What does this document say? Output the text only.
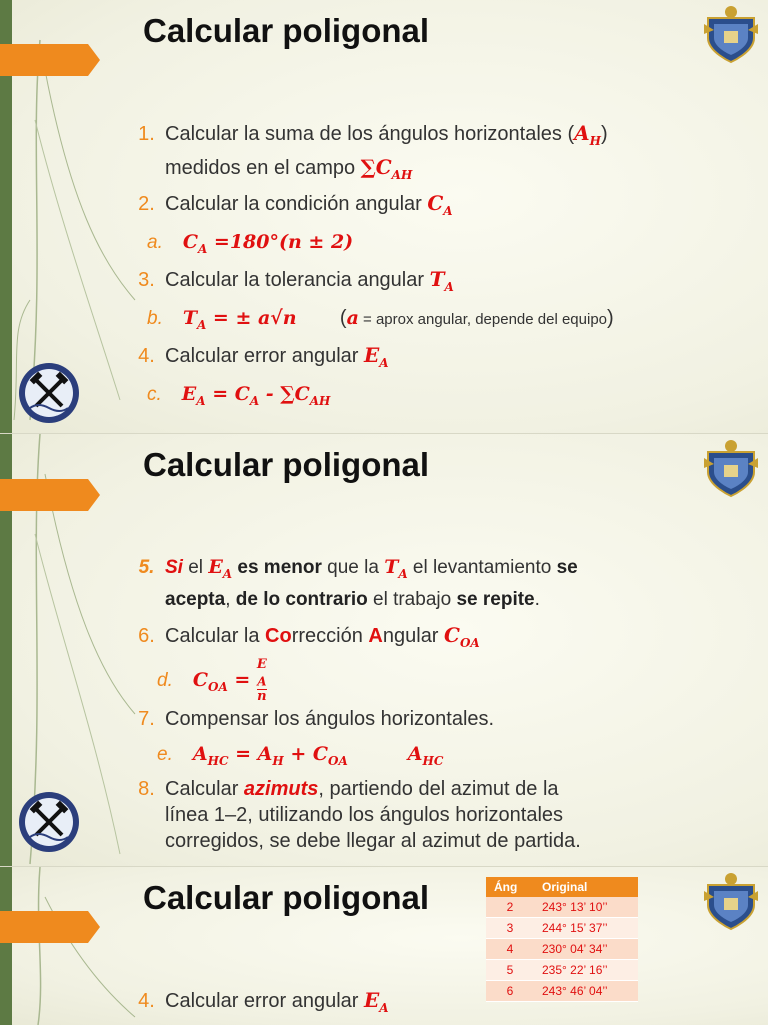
Calcular poligonal
1. Calcular la suma de los ángulos horizontales $(A_H)$
medidos en el campo $\sum C_{AH}$
2. Calcular la condición angular $C_A$
a. $C_A =180^\circ(n \pm 2)$
3. Calcular la tolerancia angular $T_A$
b. $T_A$ = ± a√n (a = aprox angular, depende del equipo)
4. Calcular error angular $E_A$
c. $E_A = C_A - \sum C_{AH}$
Calcular poligonal
5. Si el $E_A$ es menor que la $T_A$ el levantamiento se
acepta, de lo contrario el trabajo se repite.
6. Calcular la Corrección Angular $C_{OA}$
d. $C_{OA} = E$
$_A$
n
7. Compensar los ángulos horizontales.
e. $A_{HC} = A_H + C_{OA}$	$A_{HC}$
8. Calcular azimuts, partiendo del azimut de la
línea 1–2, utilizando los ángulos horizontales
corregidos, se debe llegar al azimut de partida.
Calcular poligonal	Áng	Original
2	243° 13’ 10’’
3	244° 15’ 37’’
4	230° 04’ 34’’
5	235° 22’ 16’’
6	243° 46’ 04’’
4. Calcular error angular $E_A$
